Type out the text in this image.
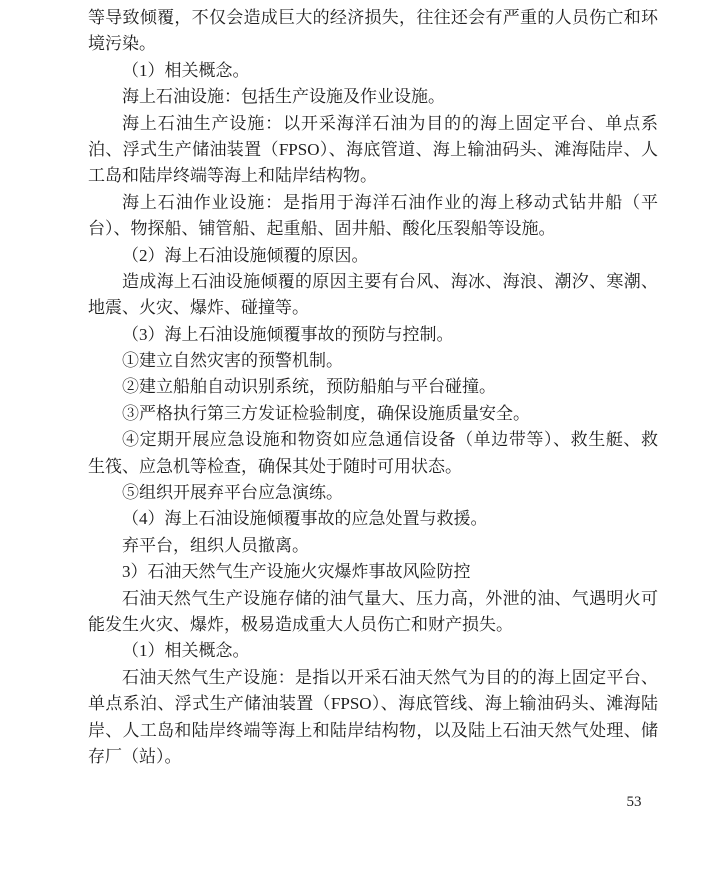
等导致倾覆，不仅会造成巨大的经济损失，往往还会有严重的人员伤亡和环
境污染。
（1）相关概念。
海上石油设施：包括生产设施及作业设施。
海上石油生产设施：以开采海洋石油为目的的海上固定平台、单点系
泊、浮式生产储油装置（FPSO）、海底管道、海上输油码头、滩海陆岸、人
工岛和陆岸终端等海上和陆岸结构物。
海上石油作业设施：是指用于海洋石油作业的海上移动式钻井船（平
台）、物探船、铺管船、起重船、固井船、酸化压裂船等设施。
（2）海上石油设施倾覆的原因。
造成海上石油设施倾覆的原因主要有台风、海冰、海浪、潮汐、寒潮、
地震、火灾、爆炸、碰撞等。
（3）海上石油设施倾覆事故的预防与控制。
①建立自然灾害的预警机制。
②建立船舶自动识别系统，预防船舶与平台碰撞。
③严格执行第三方发证检验制度，确保设施质量安全。
④定期开展应急设施和物资如应急通信设备（单边带等）、救生艇、救
生筏、应急机等检查，确保其处于随时可用状态。
⑤组织开展弃平台应急演练。
（4）海上石油设施倾覆事故的应急处置与救援。
弃平台，组织人员撤离。
3）石油天然气生产设施火灾爆炸事故风险防控
石油天然气生产设施存储的油气量大、压力高，外泄的油、气遇明火可
能发生火灾、爆炸，极易造成重大人员伤亡和财产损失。
（1）相关概念。
石油天然气生产设施：是指以开采石油天然气为目的的海上固定平台、
单点系泊、浮式生产储油装置（FPSO）、海底管线、海上输油码头、滩海陆
岸、人工岛和陆岸终端等海上和陆岸结构物，以及陆上石油天然气处理、储
存厂（站）。
53
